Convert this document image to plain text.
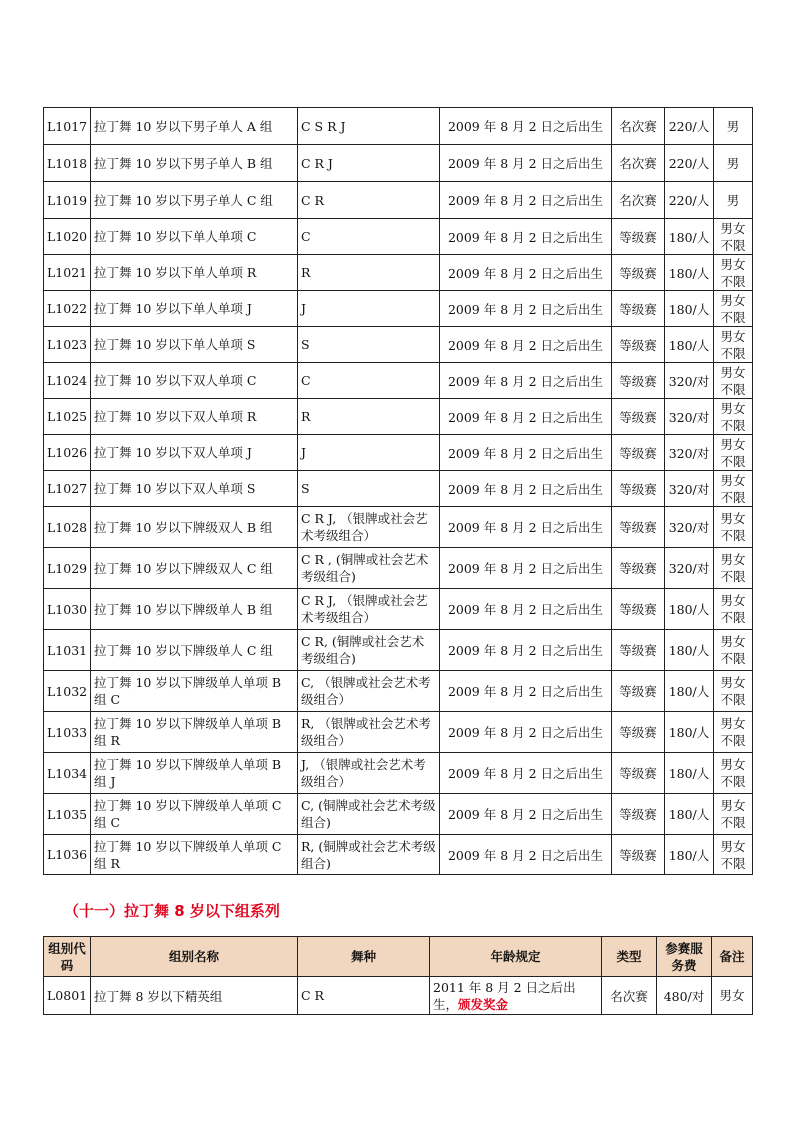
L1017	拉丁舞 10 岁以下男子单人 A 组	C S R J	2009 年 8 月 2 日之后出生	名次赛	220/人	男
L1018	拉丁舞 10 岁以下男子单人 B 组	C R J	2009 年 8 月 2 日之后出生	名次赛	220/人	男
L1019	拉丁舞 10 岁以下男子单人 C 组	C R	2009 年 8 月 2 日之后出生	名次赛	220/人	男
L1020	拉丁舞 10 岁以下单人单项 C	C	2009 年 8 月 2 日之后出生	等级赛	180/人	男女不限
L1021	拉丁舞 10 岁以下单人单项 R	R	2009 年 8 月 2 日之后出生	等级赛	180/人	男女不限
L1022	拉丁舞 10 岁以下单人单项 J	J	2009 年 8 月 2 日之后出生	等级赛	180/人	男女不限
L1023	拉丁舞 10 岁以下单人单项 S	S	2009 年 8 月 2 日之后出生	等级赛	180/人	男女不限
L1024	拉丁舞 10 岁以下双人单项 C	C	2009 年 8 月 2 日之后出生	等级赛	320/对	男女不限
L1025	拉丁舞 10 岁以下双人单项 R	R	2009 年 8 月 2 日之后出生	等级赛	320/对	男女不限
L1026	拉丁舞 10 岁以下双人单项 J	J	2009 年 8 月 2 日之后出生	等级赛	320/对	男女不限
L1027	拉丁舞 10 岁以下双人单项 S	S	2009 年 8 月 2 日之后出生	等级赛	320/对	男女不限
L1028	拉丁舞 10 岁以下牌级双人 B 组	C R J, （银牌或社会艺术考级组合）	2009 年 8 月 2 日之后出生	等级赛	320/对	男女不限
L1029	拉丁舞 10 岁以下牌级双人 C 组	C R , (铜牌或社会艺术考级组合)	2009 年 8 月 2 日之后出生	等级赛	320/对	男女不限
L1030	拉丁舞 10 岁以下牌级单人 B 组	C R J, （银牌或社会艺术考级组合）	2009 年 8 月 2 日之后出生	等级赛	180/人	男女不限
L1031	拉丁舞 10 岁以下牌级单人 C 组	C R, (铜牌或社会艺术考级组合)	2009 年 8 月 2 日之后出生	等级赛	180/人	男女不限
L1032	拉丁舞 10 岁以下牌级单人单项 B 组 C	C, （银牌或社会艺术考级组合）	2009 年 8 月 2 日之后出生	等级赛	180/人	男女不限
L1033	拉丁舞 10 岁以下牌级单人单项 B 组 R	R, （银牌或社会艺术考级组合）	2009 年 8 月 2 日之后出生	等级赛	180/人	男女不限
L1034	拉丁舞 10 岁以下牌级单人单项 B 组 J	J, （银牌或社会艺术考级组合）	2009 年 8 月 2 日之后出生	等级赛	180/人	男女不限
L1035	拉丁舞 10 岁以下牌级单人单项 C 组 C	C, (铜牌或社会艺术考级组合)	2009 年 8 月 2 日之后出生	等级赛	180/人	男女不限
L1036	拉丁舞 10 岁以下牌级单人单项 C 组 R	R, (铜牌或社会艺术考级组合)	2009 年 8 月 2 日之后出生	等级赛	180/人	男女不限
（十一）拉丁舞 8 岁以下组系列
组别代码	组别名称	舞种	年龄规定	类型	参赛服务费	备注
L0801	拉丁舞 8 岁以下精英组	C R	2011 年 8 月 2 日之后出生，颁发奖金	名次赛	480/对	男女
